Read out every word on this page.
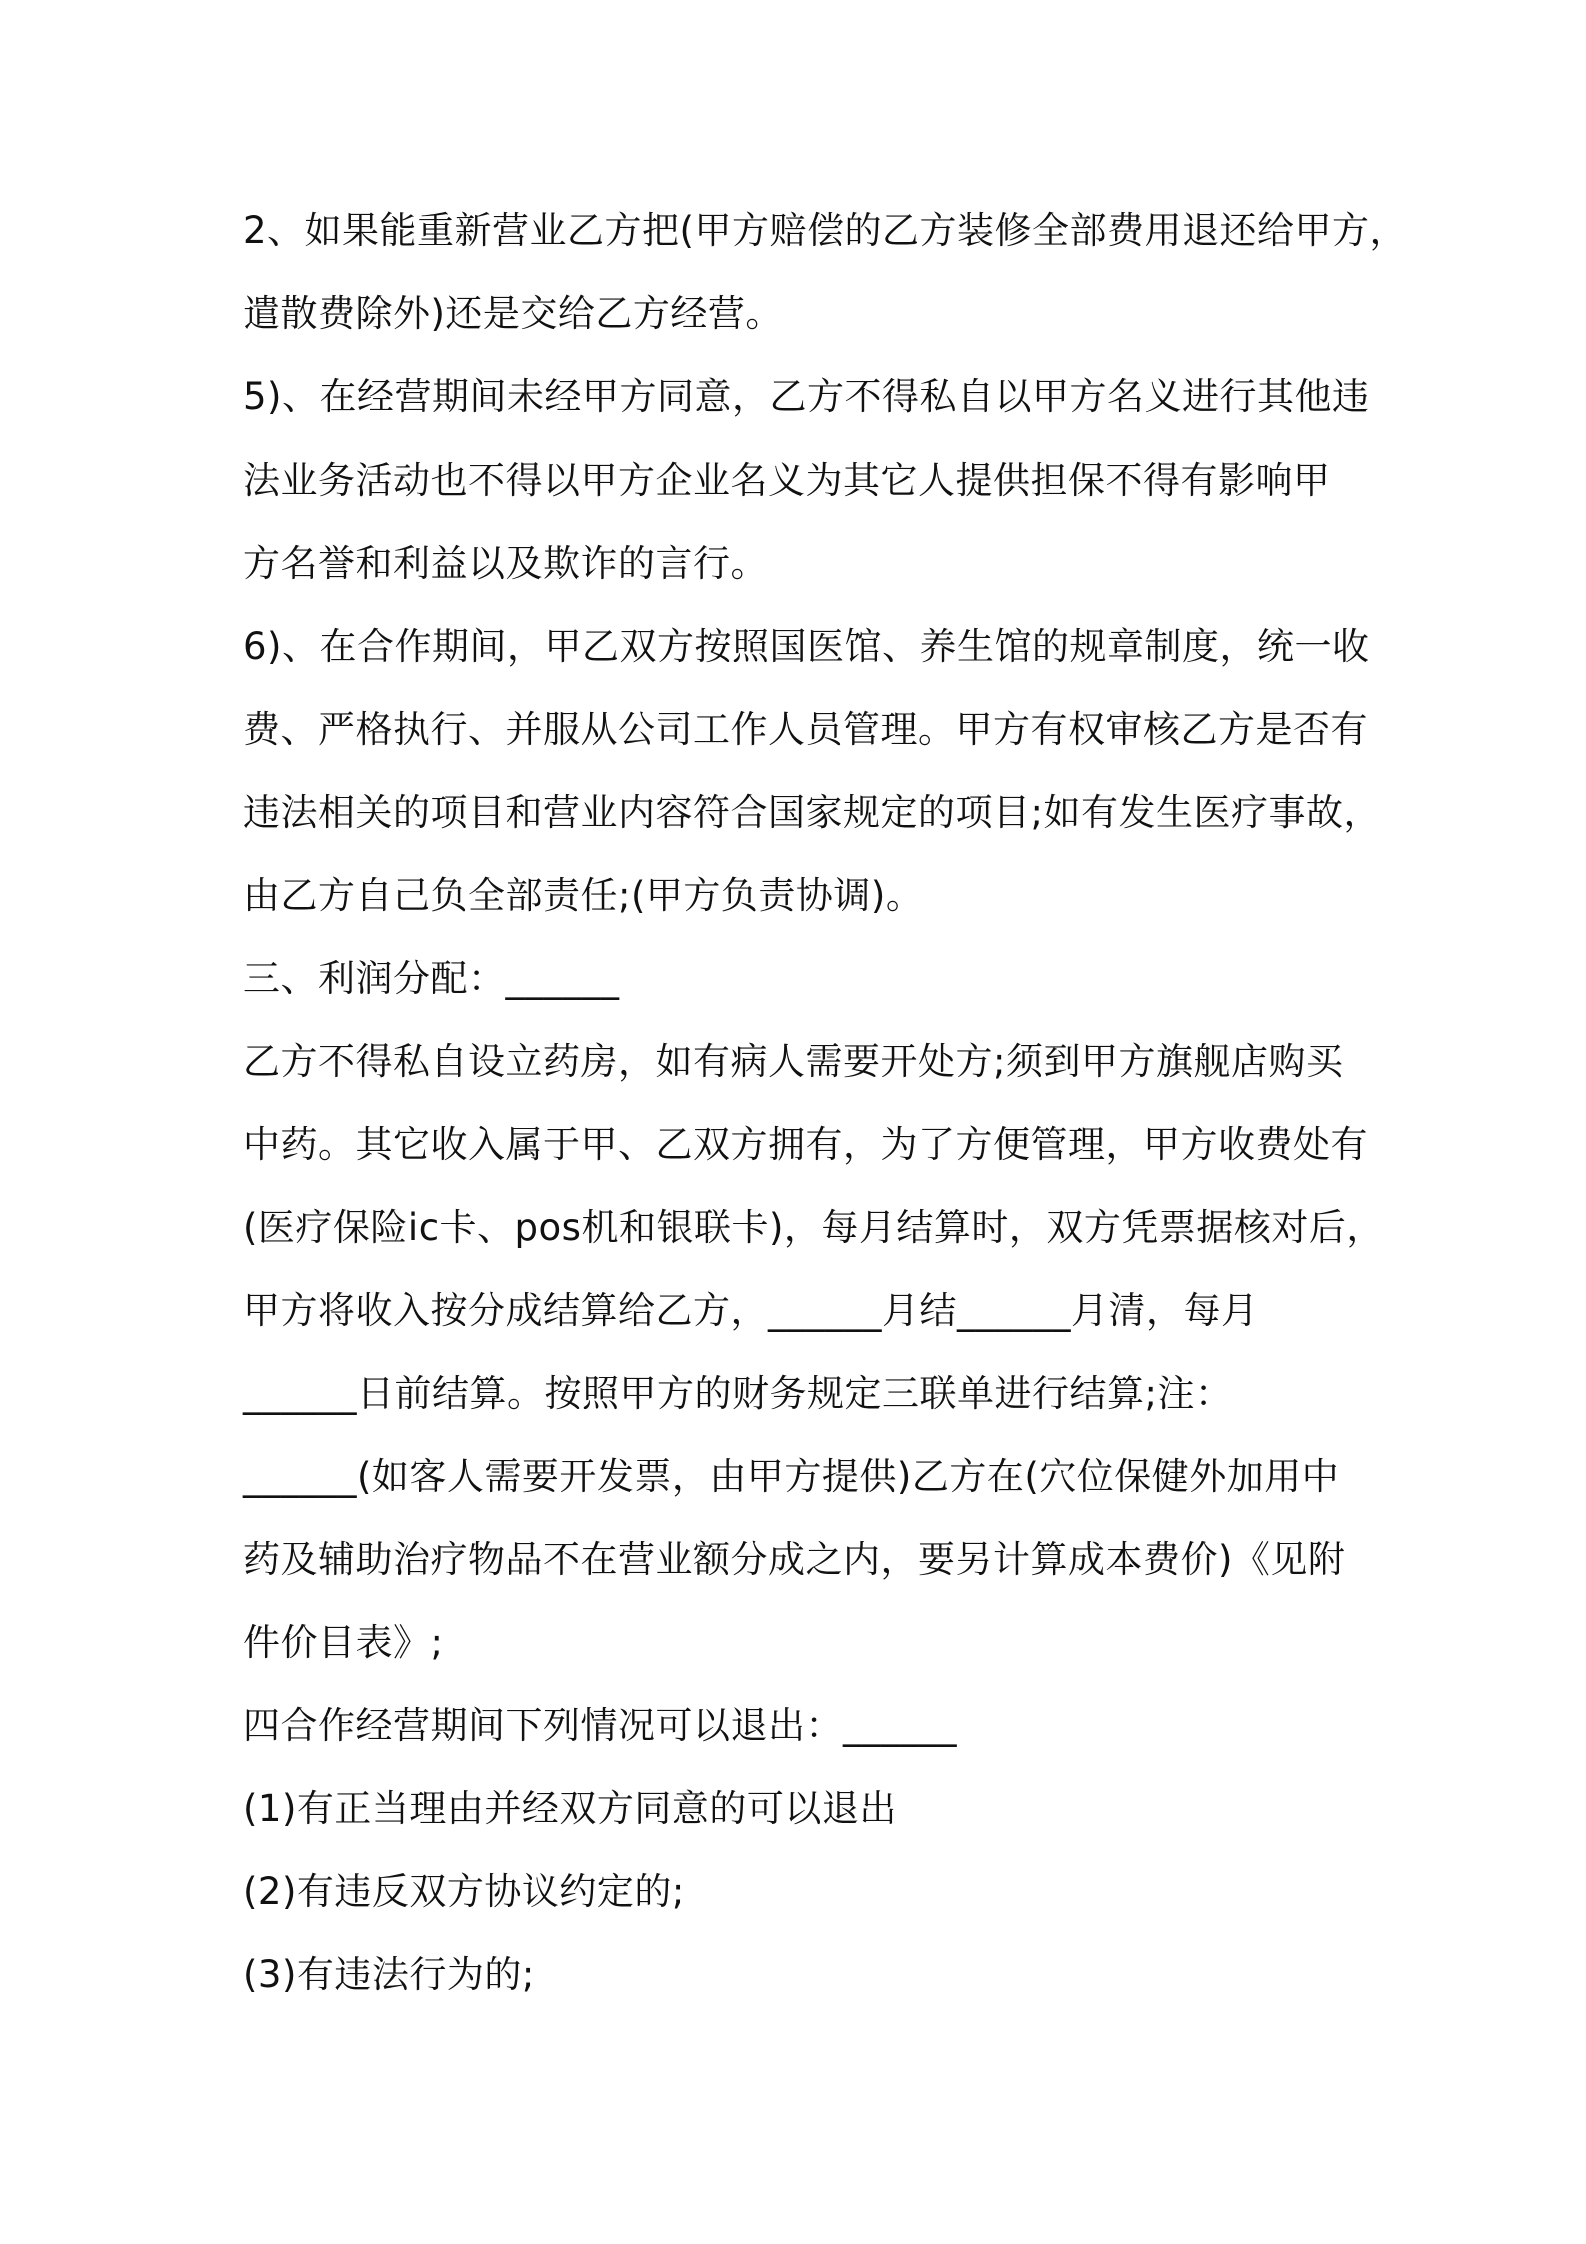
2、如果能重新营业乙方把(甲方赔偿的乙方装修全部费用退还给甲方，
遣散费除外)还是交给乙方经营。
5)、在经营期间未经甲方同意，乙方不得私自以甲方名义进行其他违
法业务活动也不得以甲方企业名义为其它人提供担保不得有影响甲
方名誉和利益以及欺诈的言行。
6)、在合作期间，甲乙双方按照国医馆、养生馆的规章制度，统一收
费、严格执行、并服从公司工作人员管理。甲方有权审核乙方是否有
违法相关的项目和营业内容符合国家规定的项目;如有发生医疗事故，
由乙方自己负全部责任;(甲方负责协调)。
三、利润分配：______
乙方不得私自设立药房，如有病人需要开处方;须到甲方旗舰店购买
中药。其它收入属于甲、乙双方拥有，为了方便管理，甲方收费处有
(医疗保险ic卡、pos机和银联卡)，每月结算时，双方凭票据核对后，
甲方将收入按分成结算给乙方，______月结______月清，每月
______日前结算。按照甲方的财务规定三联单进行结算;注：
______(如客人需要开发票，由甲方提供)乙方在(穴位保健外加用中
药及辅助治疗物品不在营业额分成之内，要另计算成本费价)《见附
件价目表》;
四合作经营期间下列情况可以退出：______
(1)有正当理由并经双方同意的可以退出
(2)有违反双方协议约定的;
(3)有违法行为的;
